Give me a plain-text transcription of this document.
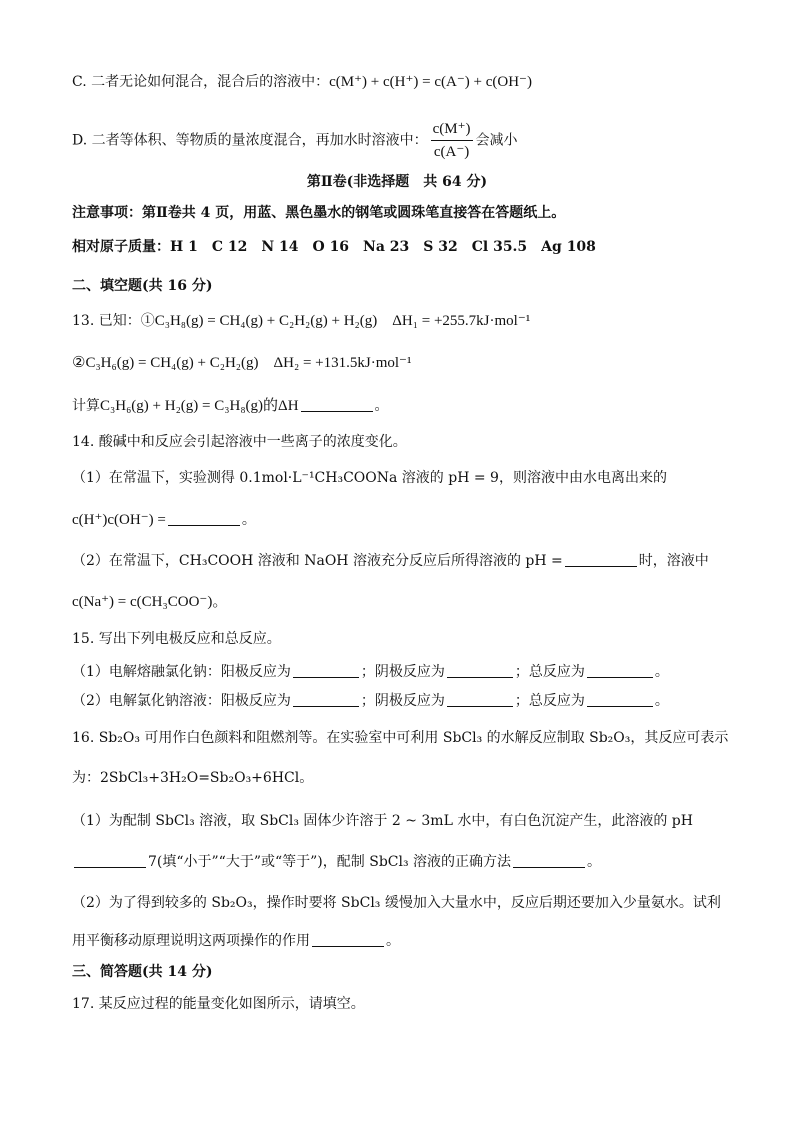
C. 二者无论如何混合，混合后的溶液中：c(M⁺) + c(H⁺) = c(A⁻) + c(OH⁻)
D. 二者等体积、等物质的量浓度混合，再加水时溶液中： $\frac{c(M^+)}{c(A^-)}$ 会减小
第Ⅱ卷(非选择题　共 64 分)
注意事项：第Ⅱ卷共 4 页，用蓝、黑色墨水的钢笔或圆珠笔直接答在答题纸上。
相对原子质量：H 1　C 12　N 14　O 16　Na 23　S 32　Cl 35.5　Ag 108
二、填空题(共 16 分)
13. 已知：①C₃H₈(g) = CH₄(g) + C₂H₂(g) + H₂(g)　ΔH₁ = +255.7kJ·mol⁻¹
②C₃H₆(g) = CH₄(g) + C₂H₂(g)　ΔH₂ = +131.5kJ·mol⁻¹
计算C₃H₆(g) + H₂(g) = C₃H₈(g)的ΔH	。
14. 酸碱中和反应会引起溶液中一些离子的浓度变化。
（1）在常温下，实验测得 0.1mol·L⁻¹CH₃COONa 溶液的 pH = 9，则溶液中由水电离出来的
c(H⁺)c(OH⁻) =	。
（2）在常温下，CH₃COOH 溶液和 NaOH 溶液充分反应后所得溶液的 pH =	时，溶液中
c(Na⁺) = c(CH₃COO⁻)。
15. 写出下列电极反应和总反应。
（1）电解熔融氯化钠：阳极反应为	；阴极反应为	；总反应为	。
（2）电解氯化钠溶液：阳极反应为	；阴极反应为	；总反应为	。
16. Sb₂O₃ 可用作白色颜料和阻燃剂等。在实验室中可利用 SbCl₃ 的水解反应制取 Sb₂O₃，其反应可表示
为：2SbCl₃+3H₂O=Sb₂O₃+6HCl。
（1）为配制 SbCl₃ 溶液，取 SbCl₃ 固体少许溶于 2 ~ 3mL 水中，有白色沉淀产生，此溶液的 pH
7(填“小于”“大于”或“等于”)，配制 SbCl₃ 溶液的正确方法	。
（2）为了得到较多的 Sb₂O₃，操作时要将 SbCl₃ 缓慢加入大量水中，反应后期还要加入少量氨水。试利
用平衡移动原理说明这两项操作的作用	。
三、简答题(共 14 分)
17. 某反应过程的能量变化如图所示，请填空。
